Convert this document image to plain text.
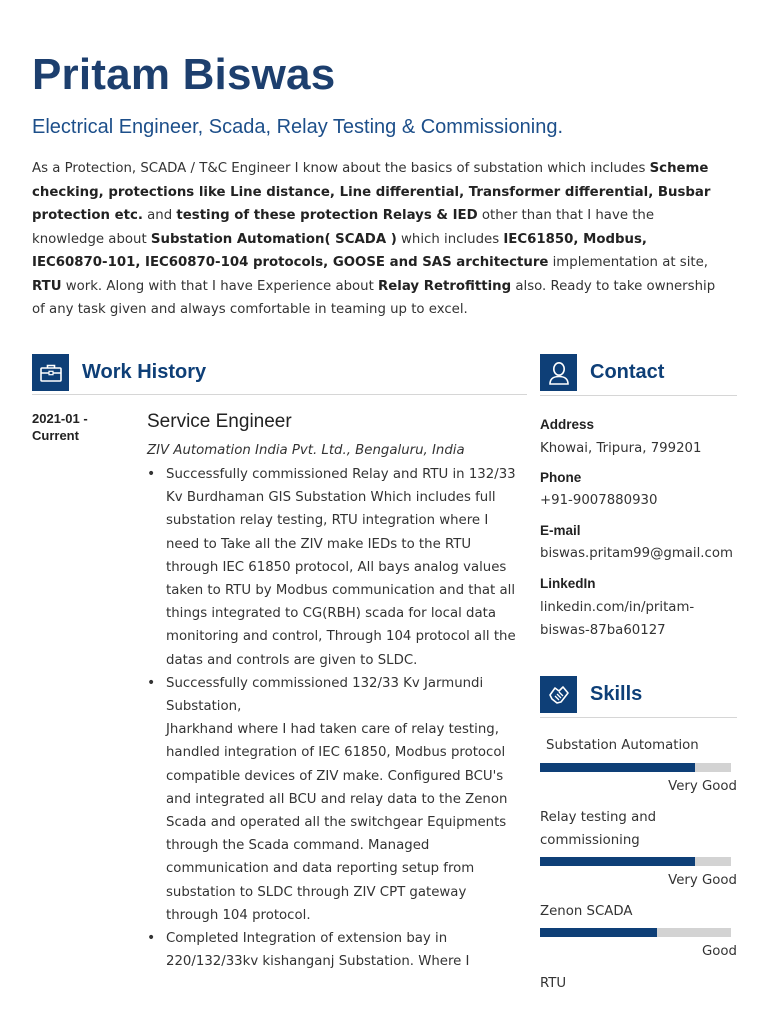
Pritam Biswas
Electrical Engineer, Scada, Relay Testing & Commissioning.

As a Protection, SCADA / T&C Engineer I know about the basics of substation which includes Scheme checking, protections like Line distance, Line differential, Transformer differential, Busbar protection etc. and testing of these protection Relays & IED other than that I have the knowledge about Substation Automation( SCADA ) which includes IEC61850, Modbus, IEC60870-101, IEC60870-104 protocols, GOOSE and SAS architecture implementation at site, RTU work. Along with that I have Experience about Relay Retrofitting also. Ready to take ownership of any task given and always comfortable in teaming up to excel.

Work History
2021-01 - Current
Service Engineer
ZIV Automation India Pvt. Ltd., Bengaluru, India
• Successfully commissioned Relay and RTU in 132/33 Kv Burdhaman GIS Substation Which includes full substation relay testing, RTU integration where I need to Take all the ZIV make IEDs to the RTU through IEC 61850 protocol, All bays analog values taken to RTU by Modbus communication and that all things integrated to CG(RBH) scada for local data monitoring and control, Through 104 protocol all the datas and controls are given to SLDC.
• Successfully commissioned 132/33 Kv Jarmundi Substation,
Jharkhand where I had taken care of relay testing, handled integration of IEC 61850, Modbus protocol compatible devices of ZIV make. Configured BCU's and integrated all BCU and relay data to the Zenon Scada and operated all the switchgear Equipments through the Scada command. Managed communication and data reporting setup from substation to SLDC through ZIV CPT gateway through 104 protocol.
• Completed Integration of extension bay in 220/132/33kv kishanganj Substation. Where I
Contact
Address
Khowai, Tripura, 799201
Phone
+91-9007880930
E-mail
biswas.pritam99@gmail.com
LinkedIn
linkedin.com/in/pritam-
biswas-87ba60127
Skills
Substation Automation
Very Good
Relay testing and commissioning
Very Good
Zenon SCADA
Good
RTU
